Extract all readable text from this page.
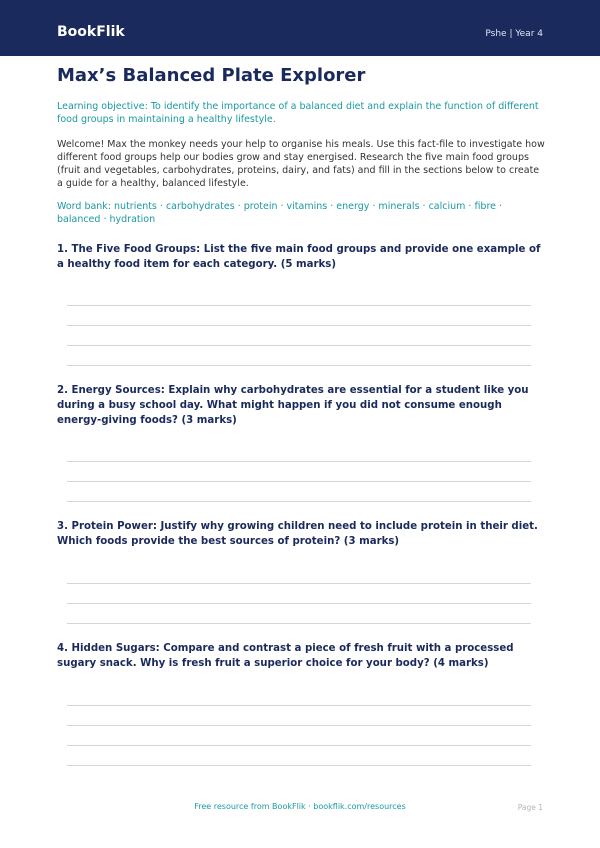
BookFlik	Pshe | Year 4
Max’s Balanced Plate Explorer

Learning objective: To identify the importance of a balanced diet and explain the function of different food groups in maintaining a healthy lifestyle.

Welcome! Max the monkey needs your help to organise his meals. Use this fact-file to investigate how different food groups help our bodies grow and stay energised. Research the five main food groups (fruit and vegetables, carbohydrates, proteins, dairy, and fats) and fill in the sections below to create a guide for a healthy, balanced lifestyle.

Word bank: nutrients · carbohydrates · protein · vitamins · energy · minerals · calcium · fibre · balanced · hydration

1. The Five Food Groups: List the five main food groups and provide one example of a healthy food item for each category. (5 marks)

2. Energy Sources: Explain why carbohydrates are essential for a student like you during a busy school day. What might happen if you did not consume enough energy-giving foods? (3 marks)

3. Protein Power: Justify why growing children need to include protein in their diet. Which foods provide the best sources of protein? (3 marks)

4. Hidden Sugars: Compare and contrast a piece of fresh fruit with a processed sugary snack. Why is fresh fruit a superior choice for your body? (4 marks)

Free resource from BookFlik · bookflik.com/resources	Page 1
